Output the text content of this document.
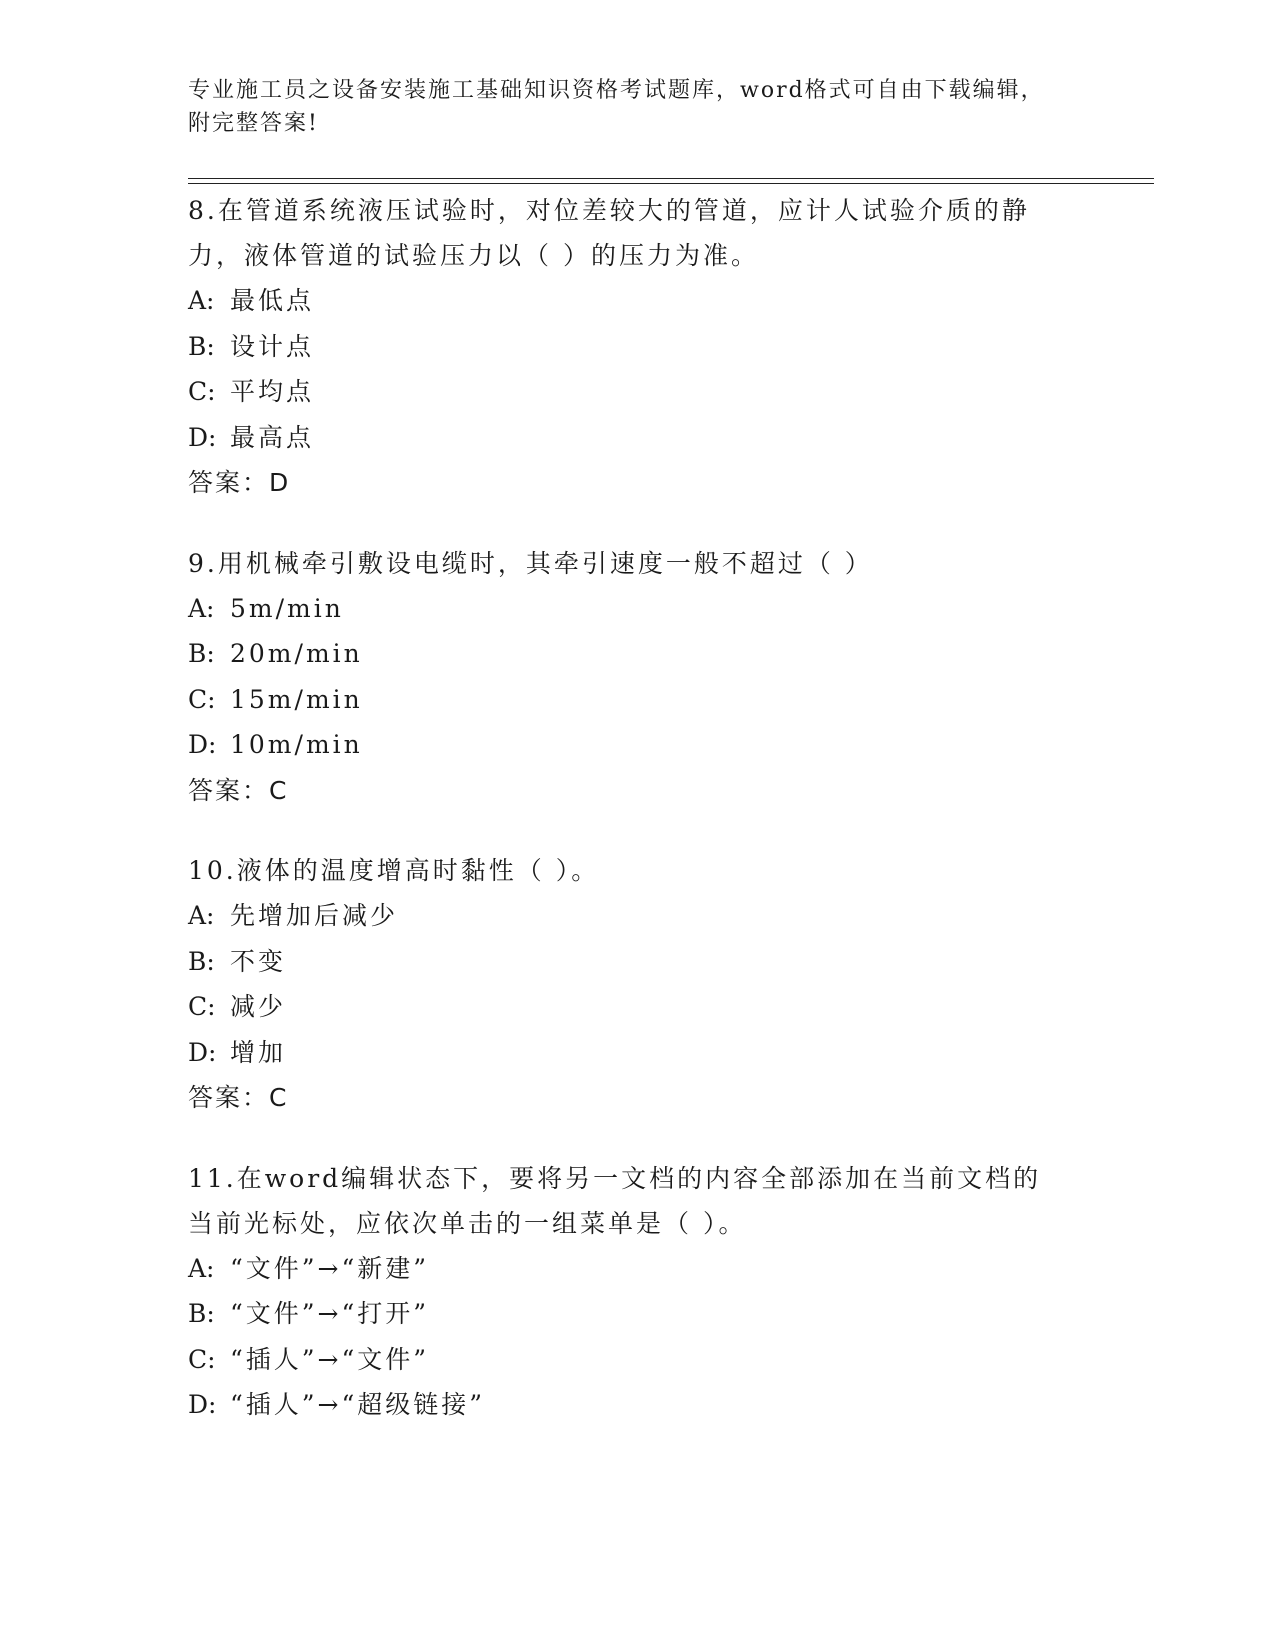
专业施工员之设备安装施工基础知识资格考试题库，word格式可自由下载编辑，
附完整答案!
8.在管道系统液压试验时，对位差较大的管道，应计人试验介质的静力，液体管道的试验压力以（ ）的压力为准。
A: 最低点
B: 设计点
C: 平均点
D: 最高点
答案：D
9.用机械牵引敷设电缆时，其牵引速度一般不超过（ ）
A: 5m/min
B: 20m/min
C: 15m/min
D: 10m/min
答案：C
10.液体的温度增高时黏性（ ）。
A: 先增加后减少
B: 不变
C: 减少
D: 增加
答案：C
11.在word编辑状态下，要将另一文档的内容全部添加在当前文档的当前光标处，应依次单击的一组菜单是（ ）。
A: “文件”→“新建”
B: “文件”→“打开”
C: “插人”→“文件”
D: “插人”→“超级链接”
